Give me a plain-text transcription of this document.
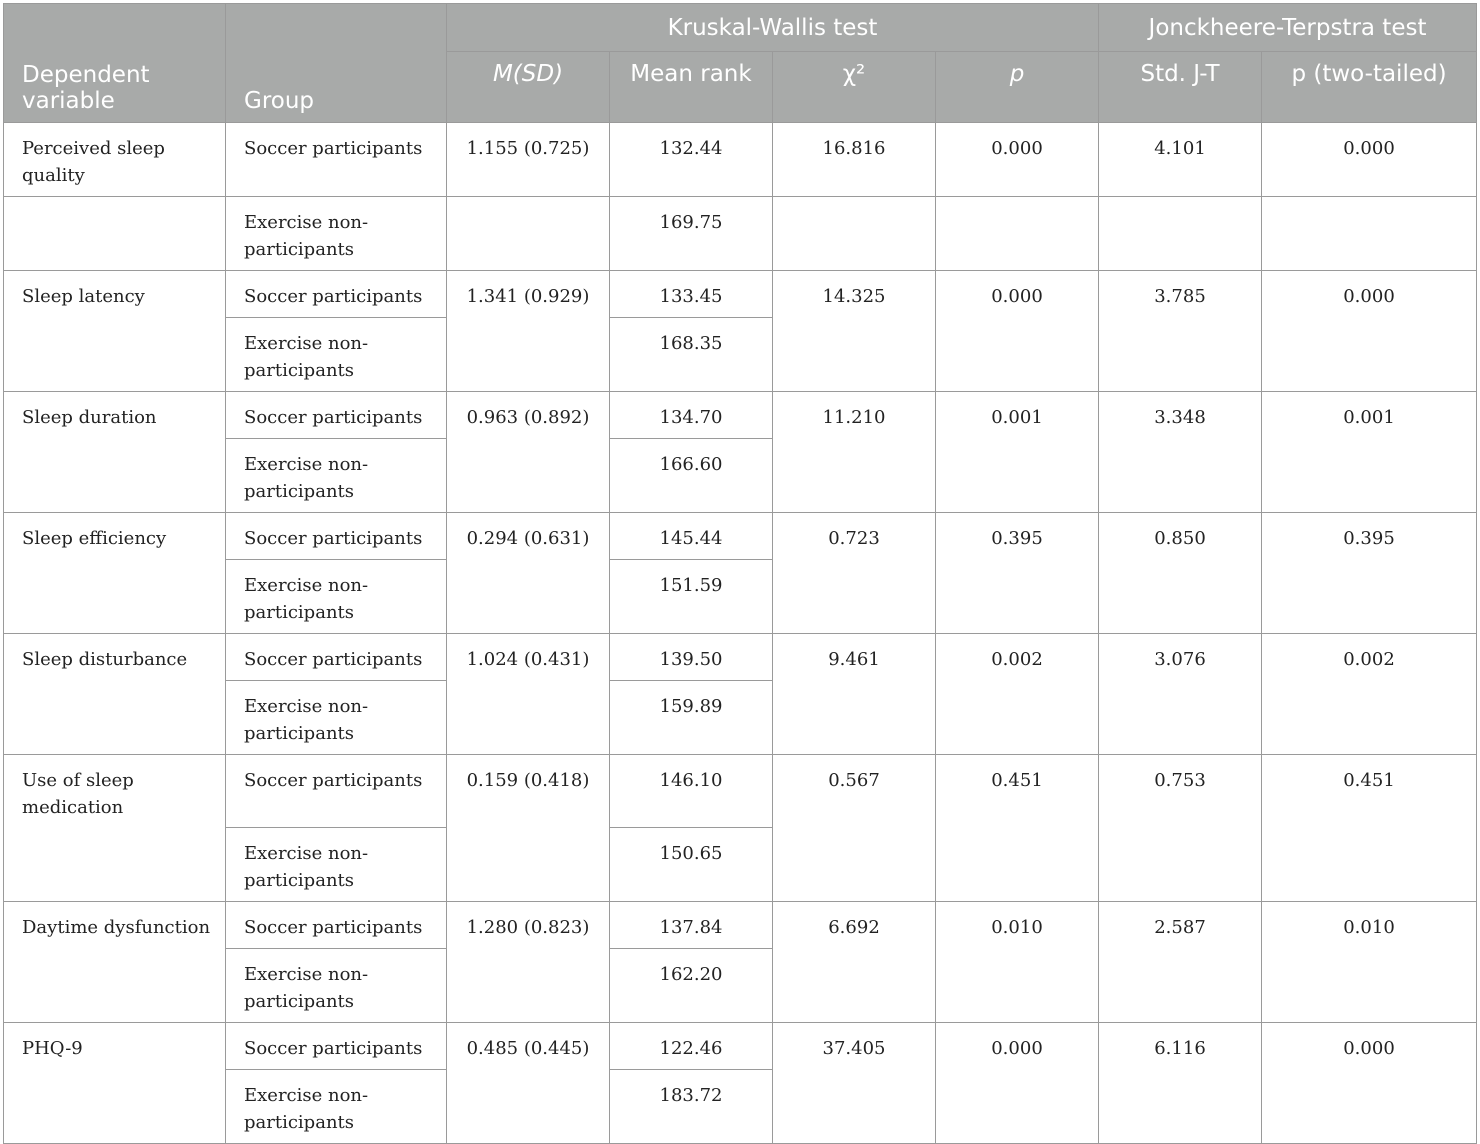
Dependent variable	Group	Kruskal-Wallis test				Jonckheere-Terpstra test	
		M(SD)	Mean rank	χ²	p	Std. J-T	p (two-tailed)
Perceived sleep quality	Soccer participants	1.155 (0.725)	132.44	16.816	0.000	4.101	0.000
	Exercise non-participants		169.75				
Sleep latency	Soccer participants	1.341 (0.929)	133.45	14.325	0.000	3.785	0.000
	Exercise non-participants		168.35				
Sleep duration	Soccer participants	0.963 (0.892)	134.70	11.210	0.001	3.348	0.001
	Exercise non-participants		166.60				
Sleep efficiency	Soccer participants	0.294 (0.631)	145.44	0.723	0.395	0.850	0.395
	Exercise non-participants		151.59				
Sleep disturbance	Soccer participants	1.024 (0.431)	139.50	9.461	0.002	3.076	0.002
	Exercise non-participants		159.89				
Use of sleep medication	Soccer participants	0.159 (0.418)	146.10	0.567	0.451	0.753	0.451
	Exercise non-participants		150.65				
Daytime dysfunction	Soccer participants	1.280 (0.823)	137.84	6.692	0.010	2.587	0.010
	Exercise non-participants		162.20				
PHQ-9	Soccer participants	0.485 (0.445)	122.46	37.405	0.000	6.116	0.000
	Exercise non-participants		183.72				
